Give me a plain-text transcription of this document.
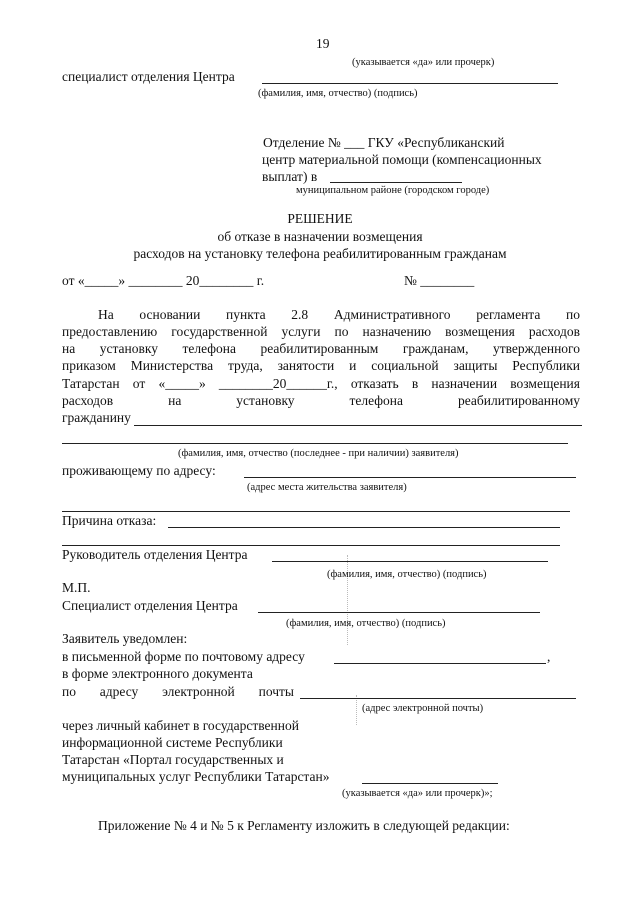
19
(указывается «да» или прочерк)
специалист отделения Центра
(фамилия, имя, отчество) (подпись)
Отделение № ___ ГКУ «Республиканский
центр материальной помощи (компенсационных
выплат) в
муниципальном районе (городском городе)
РЕШЕНИЕ
об отказе в назначении возмещения
расходов на установку телефона реабилитированным гражданам
от «_____» ________ 20________ г.	№ ________
На основании пункта 2.8 Административного регламента по
предоставлению государственной услуги по назначению возмещения расходов
на установку телефона реабилитированным гражданам, утвержденного
приказом Министерства труда, занятости и социальной защиты Республики
Татарстан от «_____» ________20______г., отказать в назначении возмещения
расходов на установку телефона реабилитированному
гражданину
(фамилия, имя, отчество (последнее - при наличии) заявителя)
проживающему по адресу:
(адрес места жительства заявителя)
Причина отказа:
Руководитель отделения Центра
(фамилия, имя, отчество) (подпись)
М.П.
Специалист отделения Центра
(фамилия, имя, отчество) (подпись)
Заявитель уведомлен:
в письменной форме по почтовому адресу	,
в форме электронного документа
по адресу электронной почты
(адрес электронной почты)
через личный кабинет в государственной
информационной системе Республики
Татарстан «Портал государственных и
муниципальных услуг Республики Татарстан»
(указывается «да» или прочерк)»;
Приложение № 4 и № 5 к Регламенту изложить в следующей редакции:
